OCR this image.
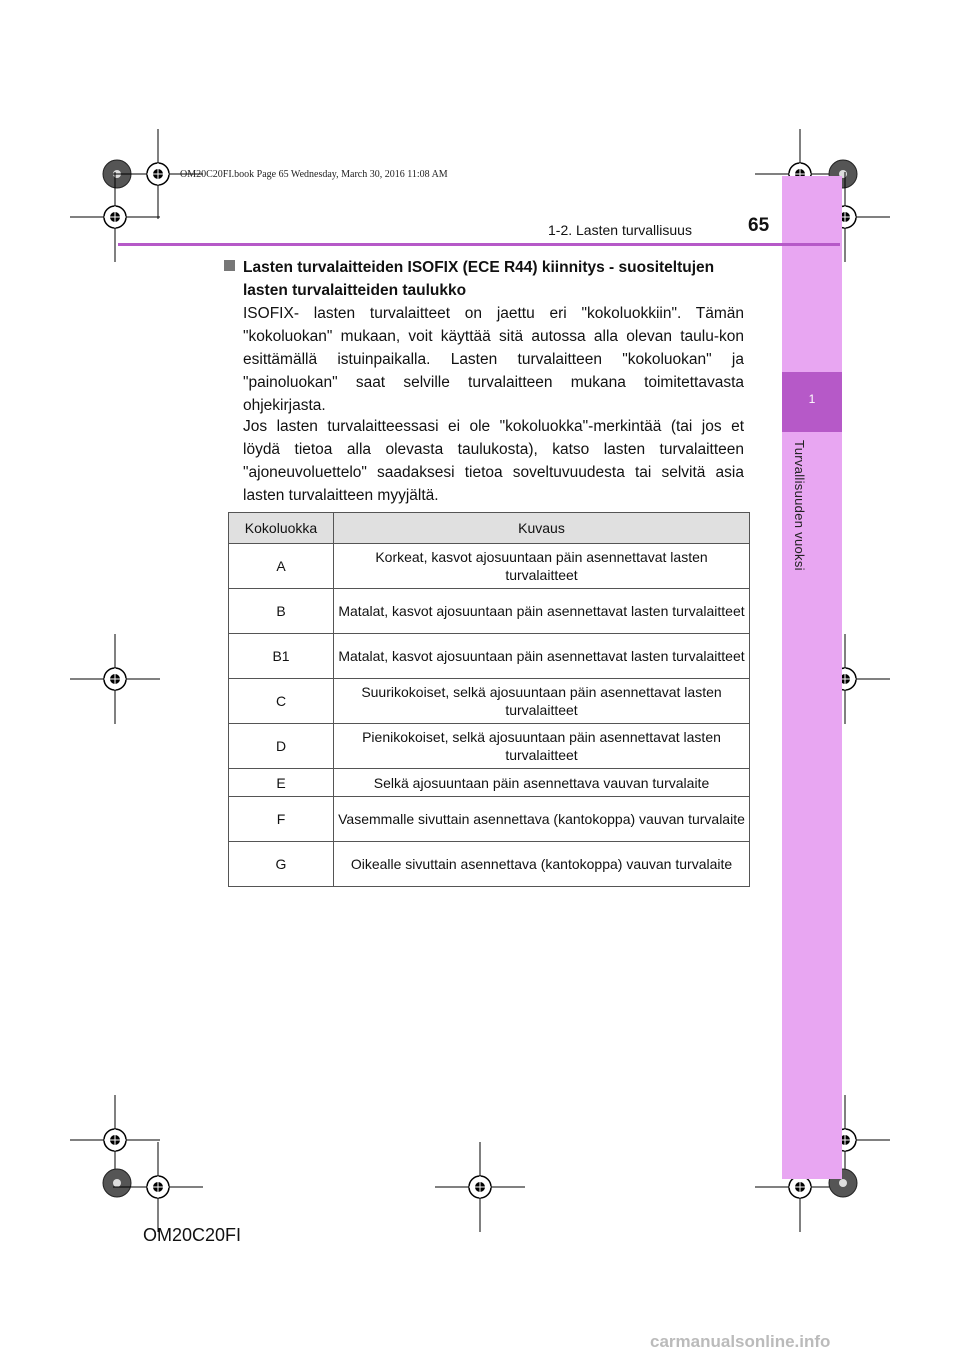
OM20C20FI.book Page 65 Wednesday, March 30, 2016 11:08 AM
1
Turvallisuuden vuoksi
1-2. Lasten turvallisuus	65
Lasten turvalaitteiden ISOFIX (ECE R44) kiinnitys - suositeltujen
lasten turvalaitteiden taulukko
ISOFIX- lasten turvalaitteet on jaettu eri "kokoluokkiin". Tämän "kokoluokan" mukaan, voit käyttää sitä autossa alla olevan taulu-kon esittämällä istuinpaikalla. Lasten turvalaitteen "kokoluokan" ja "painoluokan" saat selville turvalaitteen mukana toimitettavasta ohjekirjasta.
Jos lasten turvalaitteessasi ei ole "kokoluokka"-merkintää (tai jos et löydä tietoa alla olevasta taulukosta), katso lasten turvalaitteen "ajoneuvoluettelo" saadaksesi tietoa soveltuvuudesta tai selvitä asia lasten turvalaitteen myyjältä.
Kokoluokka	Kuvaus
A	Korkeat, kasvot ajosuuntaan päin asennettavat lasten turvalaitteet
B	Matalat, kasvot ajosuuntaan päin asennettavat lasten turvalaitteet
B1	Matalat, kasvot ajosuuntaan päin asennettavat lasten turvalaitteet
C	Suurikokoiset, selkä ajosuuntaan päin asennettavat lasten turvalaitteet
D	Pienikokoiset, selkä ajosuuntaan päin asennettavat lasten turvalaitteet
E	Selkä ajosuuntaan päin asennettava vauvan turvalaite
F	Vasemmalle sivuttain asennettava (kantokoppa) vauvan turvalaite
G	Oikealle sivuttain asennettava (kantokoppa) vauvan turvalaite
OM20C20FI
carmanualsonline.info
